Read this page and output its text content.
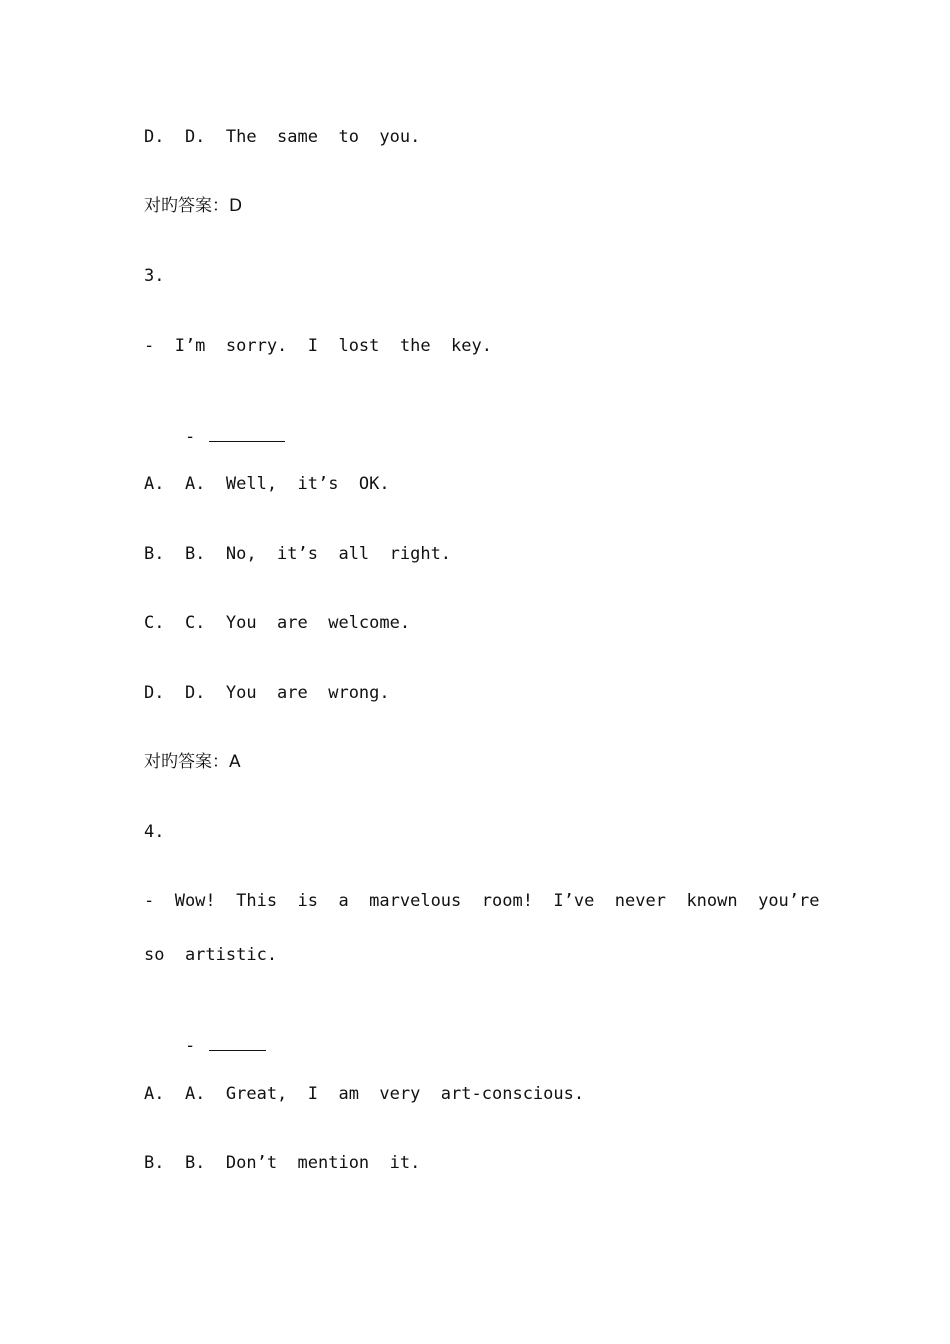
D.  D.  The  same  to  you.
对旳答案：D
3.
-  I’m  sorry.  I  lost  the  key.

-

A.  A.  Well,  it’s  OK.
B.  B.  No,  it’s  all  right.
C.  C.  You  are  welcome.
D.  D.  You  are  wrong.
对旳答案：A
4.
-  Wow!  This  is  a  marvelous  room!  I’ve  never  known  you’re
so  artistic.

-

A.  A.  Great,  I  am  very  art-conscious.
B.  B.  Don’t  mention  it.
